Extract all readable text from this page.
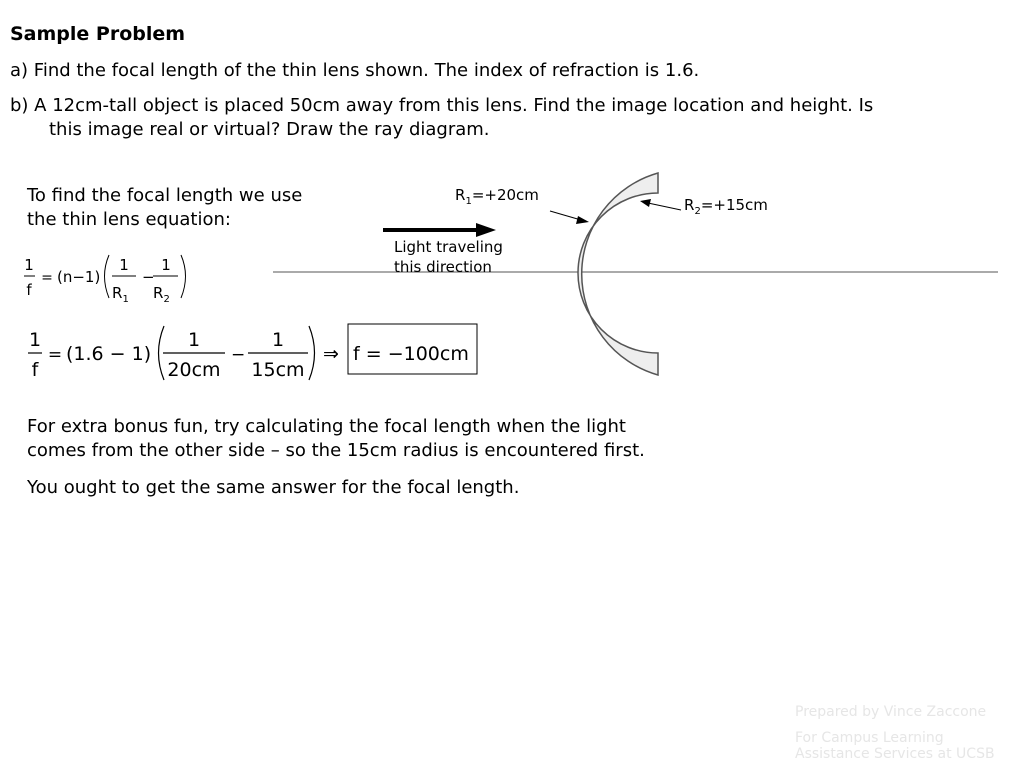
Sample Problem
a) Find the focal length of the thin lens shown. The index of refraction is 1.6.
b) A 12cm-tall object is placed 50cm away from this lens. Find the image location and height. Is
this image real or virtual? Draw the ray diagram.
To find the focal length we use
the thin lens equation:
1
f
= (n−1)
1
$R_1$
−
1
$R_2$
1
f
= (1.6 − 1)
1
20cm
−
1
15cm
⇒ f = −100cm
$R_1=+20cm$
$R_2=+15cm$
Light traveling
this direction
For extra bonus fun, try calculating the focal length when the light
comes from the other side – so the 15cm radius is encountered first.
You ought to get the same answer for the focal length.
Prepared by Vince Zaccone
For Campus Learning
Assistance Services at UCSB
